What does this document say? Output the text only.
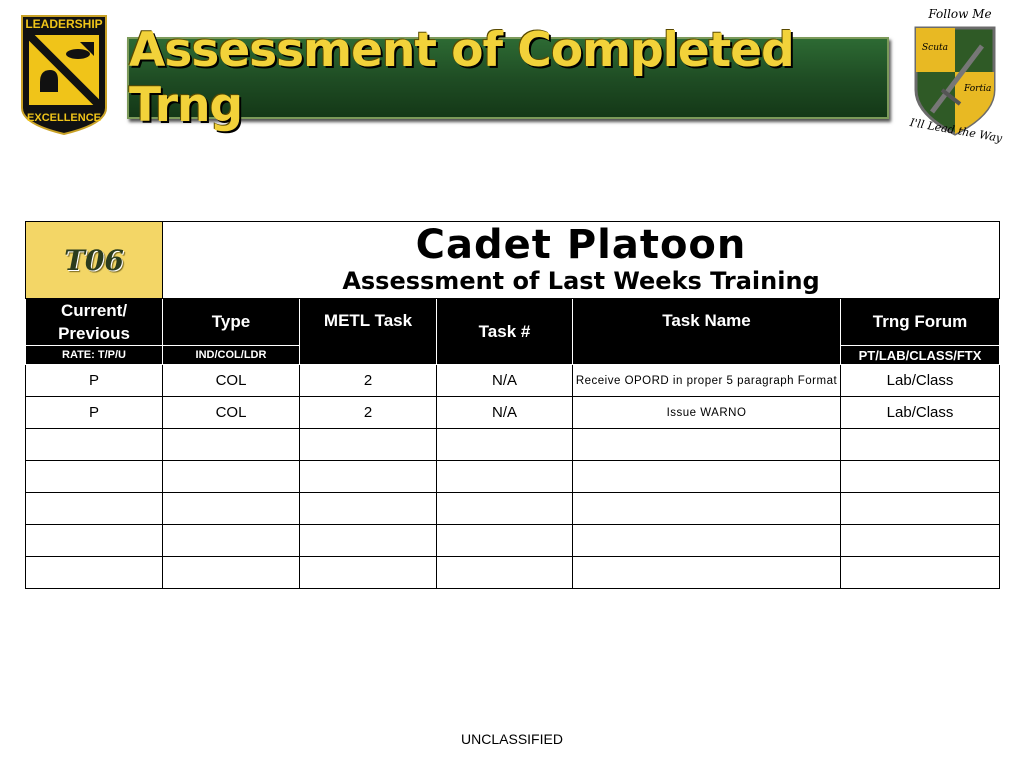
LEADERSHIP
EXCELLENCE
Assessment of Completed Trng
Follow Me
Scuta
Fortia
I'll Lead the Way
T06	Cadet Platoon
Assessment of Last Weeks Training				

Current/ Previous	Type	METL Task	Task #	Task Name	Trng Forum
RATE: T/P/U	IND/COL/LDR				PT/LAB/CLASS/FTX
P	COL	2	N/A	Receive OPORD in proper 5 paragraph Format	Lab/Class
P	COL	2	N/A	Issue WARNO	Lab/Class

UNCLASSIFIED
